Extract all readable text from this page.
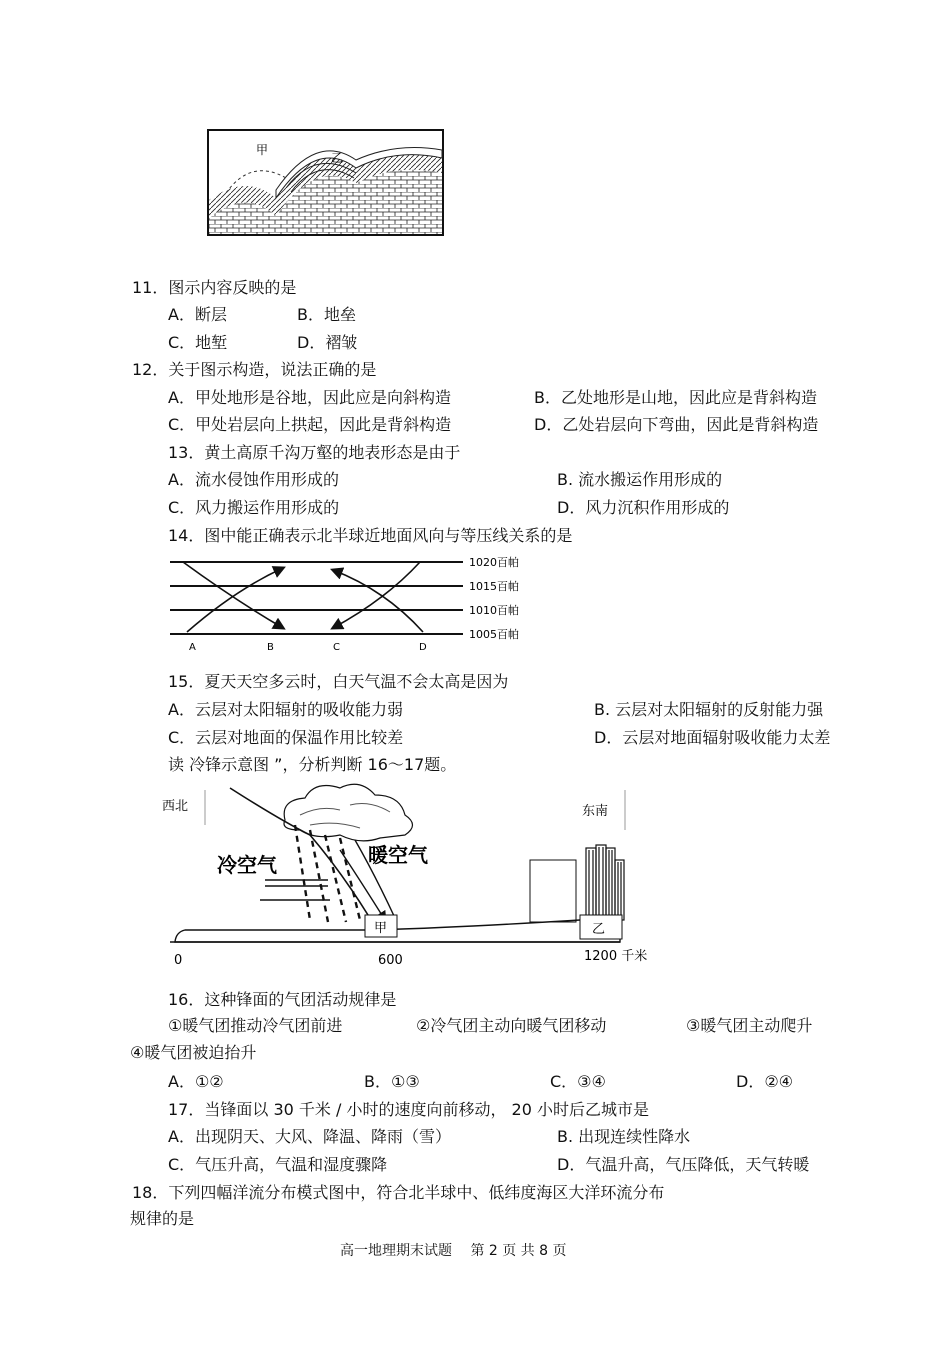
甲
乙
11．图示内容反映的是
A．断层	B．地垒
C．地堑	D．褶皱
12．关于图示构造，说法正确的是
A．甲处地形是谷地，因此应是向斜构造	B．乙处地形是山地，因此应是背斜构造
C．甲处岩层向上拱起，因此是背斜构造	D．乙处岩层向下弯曲，因此是背斜构造
13．黄土高原千沟万壑的地表形态是由于
A．流水侵蚀作用形成的	B. 流水搬运作用形成的
C．风力搬运作用形成的	D．风力沉积作用形成的
14．图中能正确表示北半球近地面风向与等压线关系的是
1020百帕
1015百帕
1010百帕
1005百帕
A	B	C	D
15．夏天天空多云时，白天气温不会太高是因为
A．云层对太阳辐射的吸收能力弱	B. 云层对太阳辐射的反射能力强
C．云层对地面的保温作用比较差	D．云层对地面辐射吸收能力太差
读 冷锋示意图 ”，分析判断 16～17题。
西北	东南
冷空气	暖空气
甲	乙
0	600	1200 千米
16．这种锋面的气团活动规律是
①暖气团推动冷气团前进	②冷气团主动向暖气团移动	③暖气团主动爬升
④暖气团被迫抬升
A．①②	B．①③	C．③④	D．②④
17．当锋面以 30 千米 / 小时的速度向前移动， 20 小时后乙城市是
A．出现阴天、大风、降温、降雨（雪）	B. 出现连续性降水
C．气压升高，气温和湿度骤降	D．气温升高，气压降低，天气转暖
18．下列四幅洋流分布模式图中，符合北半球中、低纬度海区大洋环流分布
规律的是
高一地理期末试题　 第 2 页 共 8 页
